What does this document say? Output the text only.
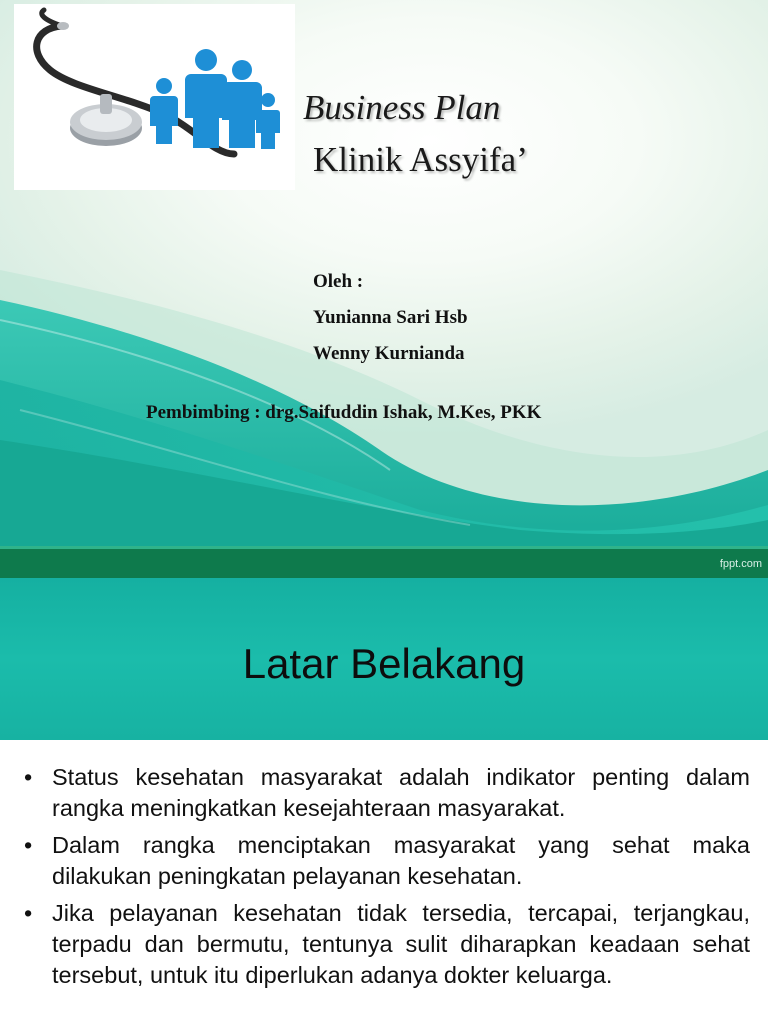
Business Plan
Klinik Assyifa’
Oleh :
Yunianna Sari Hsb
Wenny Kurnianda
Pembimbing : drg.Saifuddin Ishak, M.Kes, PKK
fppt.com
Latar Belakang
• Status kesehatan masyarakat adalah indikator penting dalam rangka meningkatkan kesejahteraan masyarakat.
• Dalam rangka menciptakan masyarakat yang sehat maka dilakukan peningkatan pelayanan kesehatan.
• Jika pelayanan kesehatan tidak tersedia, tercapai, terjangkau, terpadu dan bermutu, tentunya sulit diharapkan keadaan sehat tersebut, untuk itu diperlukan adanya dokter keluarga.
